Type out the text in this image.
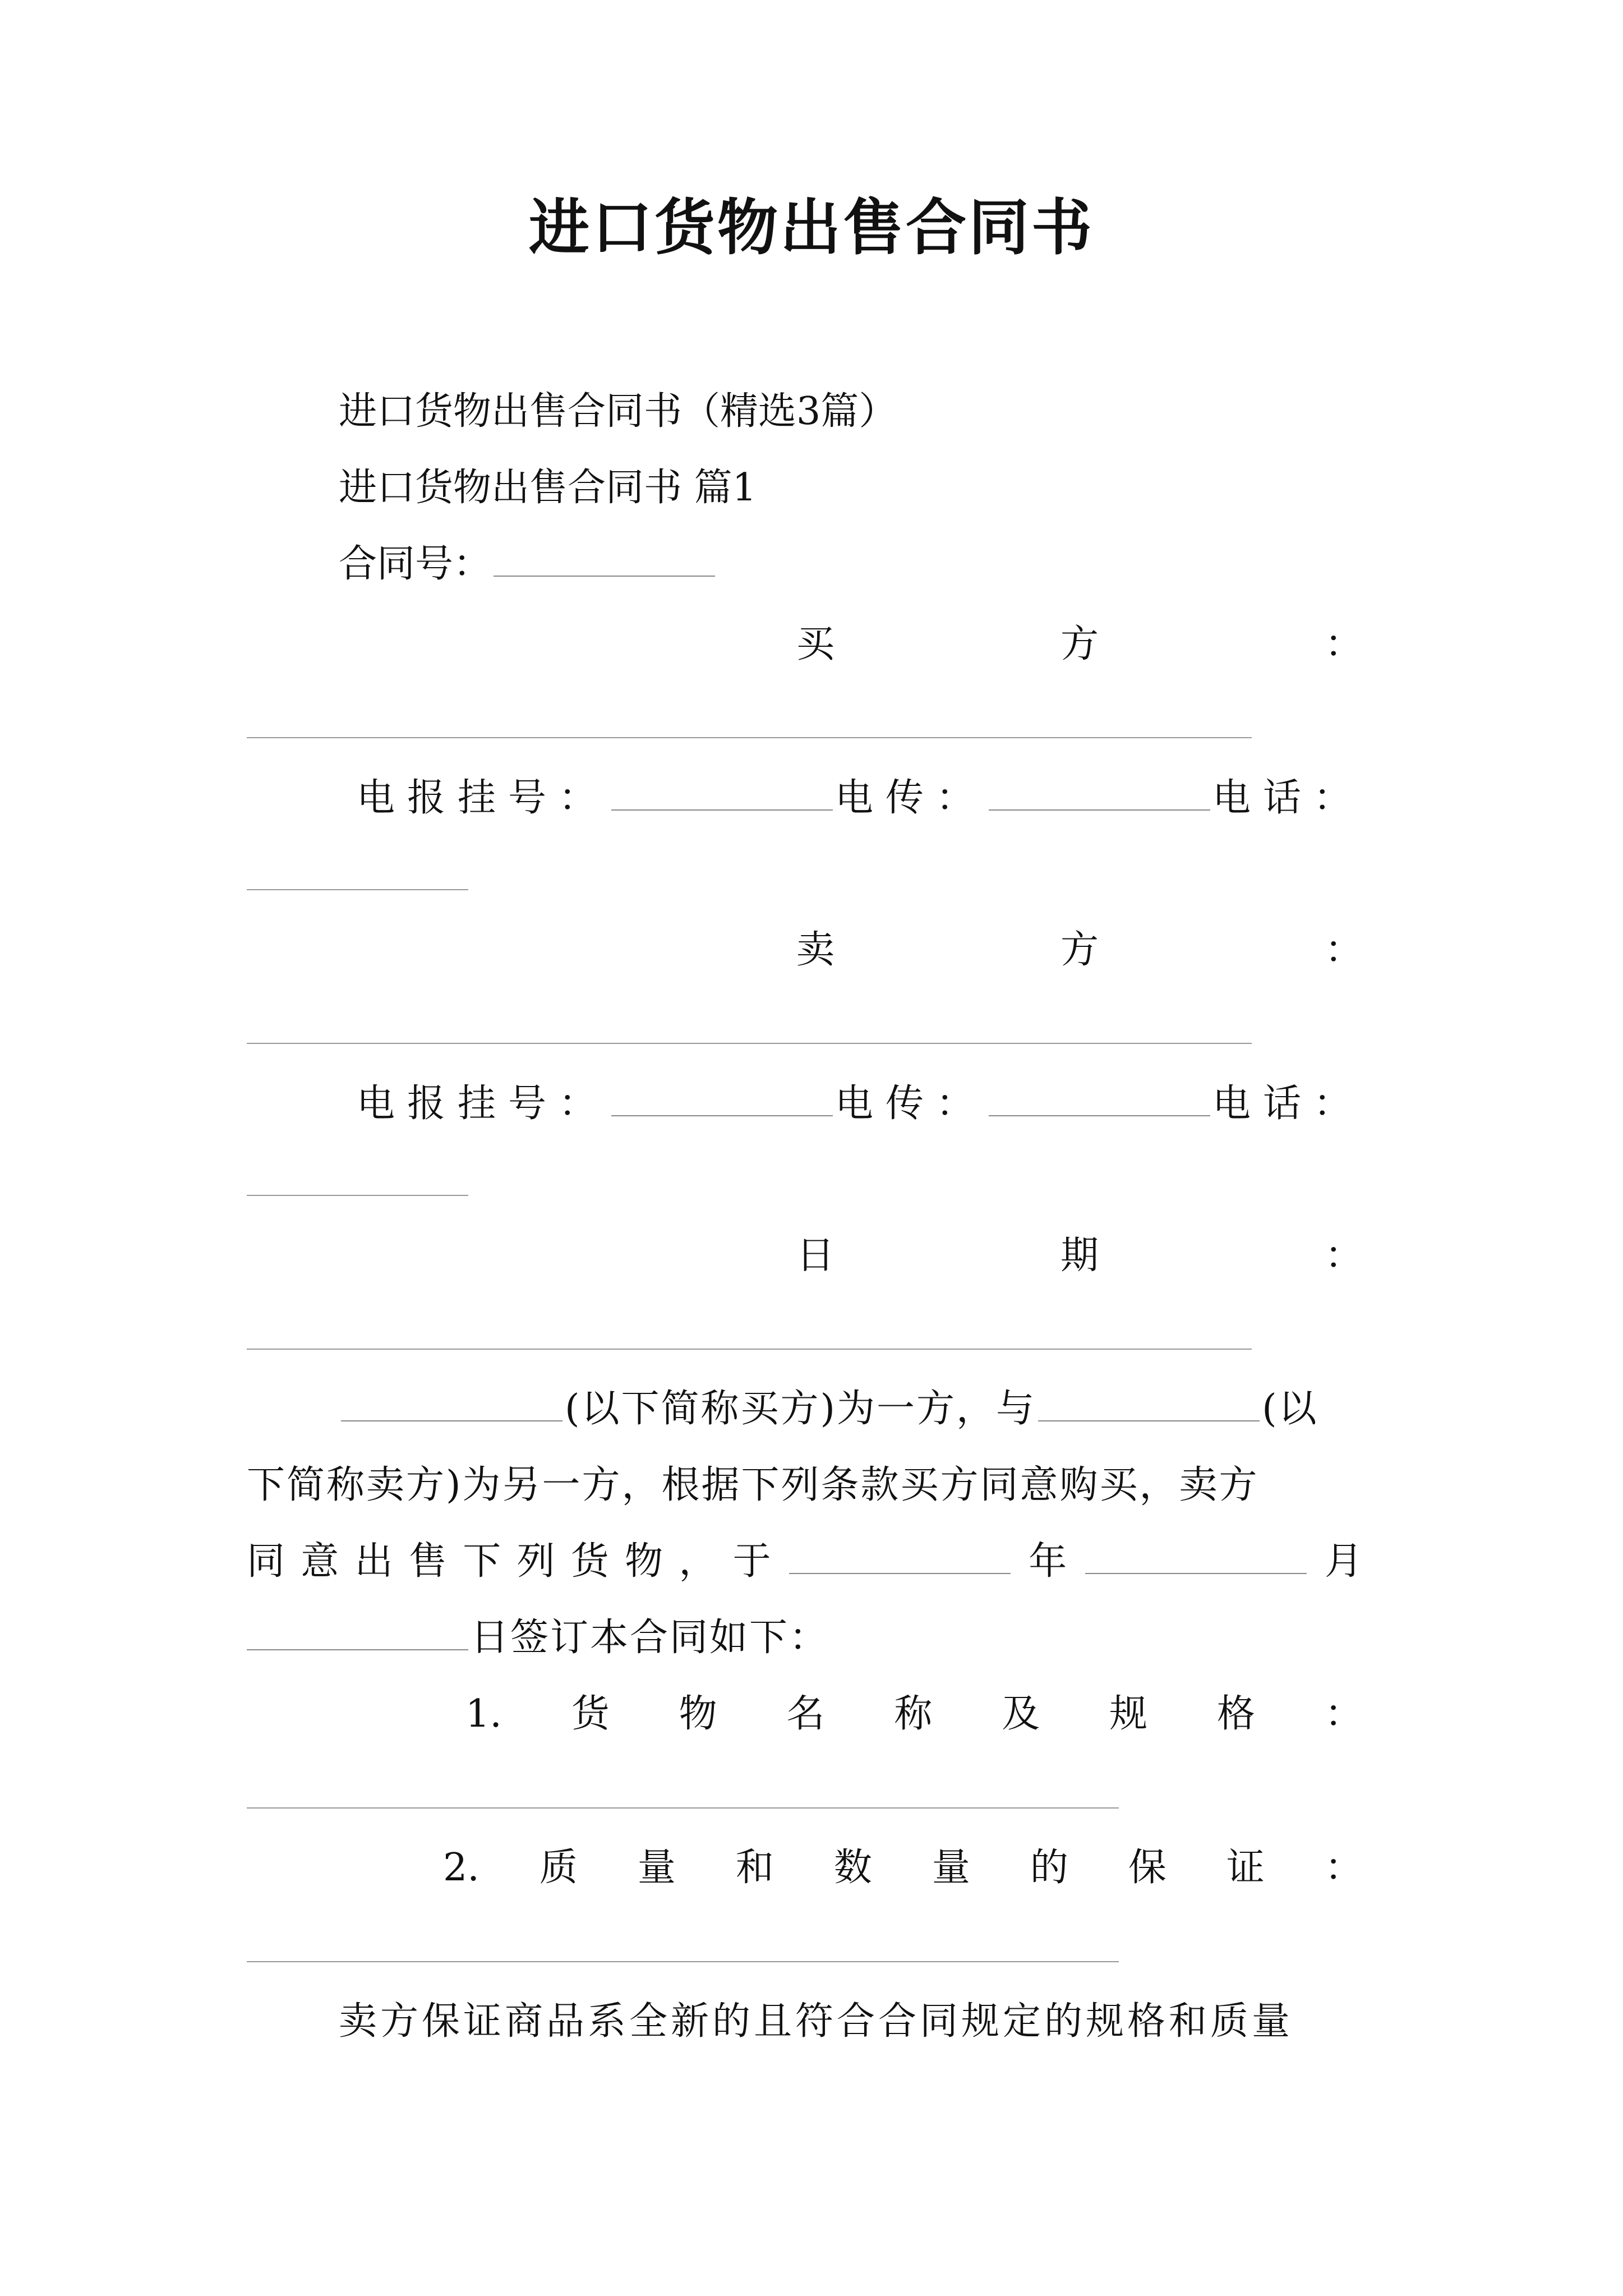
进口货物出售合同书
进口货物出售合同书（精选3篇）
进口货物出售合同书 篇1
合同号：
买	方	：
电报挂号：	电传：	电话：
卖	方	：
电报挂号：	电传：	电话：
日	期	：
(以下简称买方)为一方，与	(以
下简称卖方)为另一方，根据下列条款买方同意购买，卖方
同 意 出 售 下 列 货 物 ， 于	年	月
日签订本合同如下：
1. 货 物 名 称 及 规 格 ：
2. 质 量 和 数 量 的 保 证 ：
卖方保证商品系全新的且符合合同规定的规格和质量
